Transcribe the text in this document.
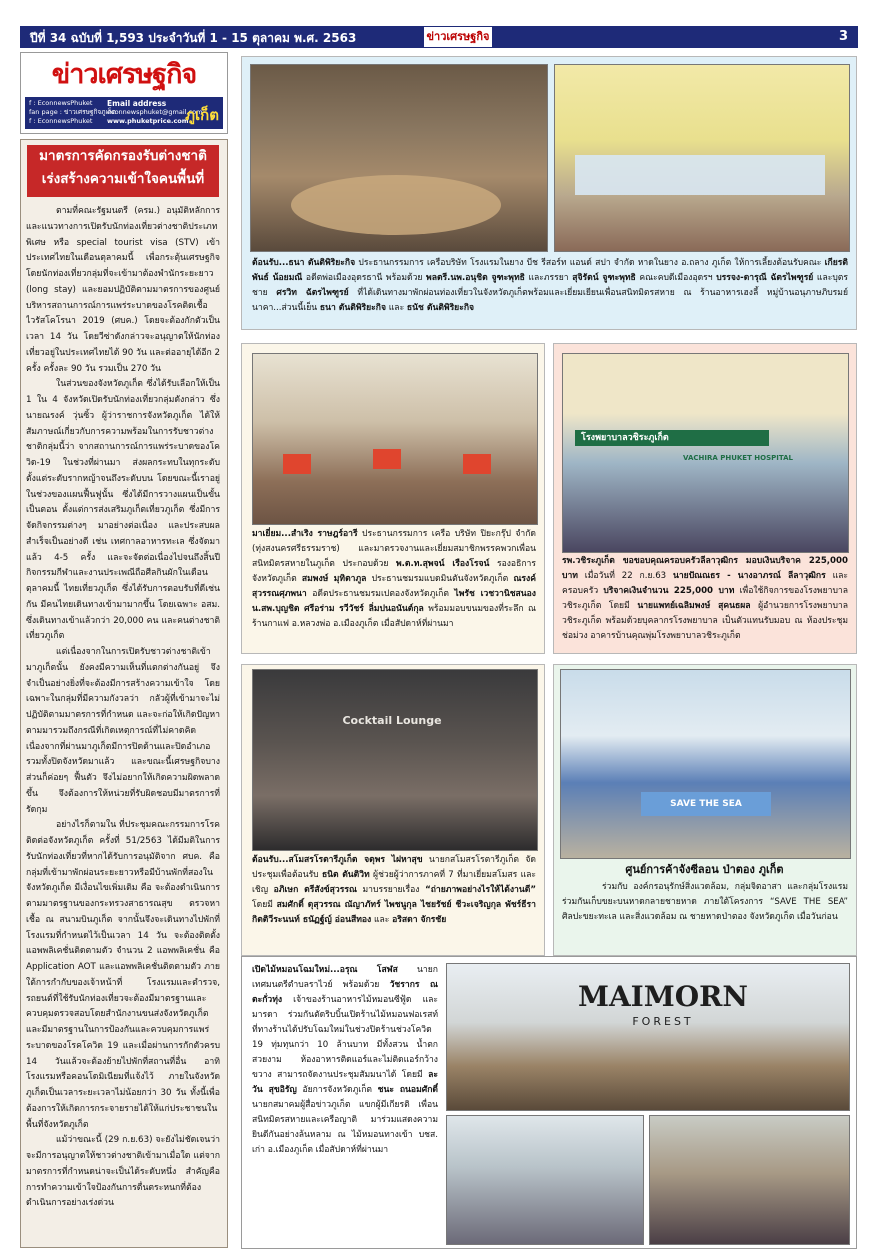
ปีที่ 34 ฉบับที่ 1,593 ประจำวันที่ 1 - 15 ตุลาคม พ.ศ. 2563	ข่าวเศรษฐกิจ	3
ข่าวเศรษฐกิจ
f : EconnewsPhuket
fan page : ข่าวเศรษฐกิจภูเก็ต
f : EconnewsPhuket
Email address
econnewsphuket@gmail.com
www.phuketprice.com
ภูเก็ต
มาตรการคัดกรองรับต่างชาติ
เร่งสร้างความเข้าใจคนพื้นที่

ตามที่คณะรัฐมนตรี (ครม.) อนุมัติหลักการและแนวทางการเปิดรับนักท่องเที่ยวต่างชาติประเภทพิเศษ หรือ special tourist visa (STV) เข้าประเทศไทยในเดือนตุลาคมนี้ เพื่อกระตุ้นเศรษฐกิจ โดยนักท่องเที่ยวกลุ่มที่จะเข้ามาต้องพำนักระยะยาว (long stay) และยอมปฏิบัติตามมาตรการของศูนย์บริหารสถานการณ์การแพร่ระบาดของโรคติดเชื้อไวรัสโคโรนา 2019 (ศบค.) โดยจะต้องกักตัวเป็นเวลา 14 วัน โดยวีซ่าดังกล่าวจะอนุญาตให้นักท่องเที่ยวอยู่ในประเทศไทยได้ 90 วัน และต่ออายุได้อีก 2 ครั้ง ครั้งละ 90 วัน รวมเป็น 270 วัน

ในส่วนของจังหวัดภูเก็ต ซึ่งได้รับเลือกให้เป็น 1 ใน 4 จังหวัดเปิดรับนักท่องเที่ยวกลุ่มดังกล่าว ซึ่งนายณรงค์ วุ่นซิ้ว ผู้ว่าราชการจังหวัดภูเก็ต ได้ให้สัมภาษณ์เกี่ยวกับการความพร้อมในการรับชาวต่างชาติกลุ่มนี้ว่า จากสถานการณ์การแพร่ระบาดของโควิด-19 ในช่วงที่ผ่านมา ส่งผลกระทบในทุกระดับตั้งแต่ระดับรากหญ้าจนถึงระดับบน โดยขณะนี้เราอยู่ในช่วงของแผนฟื้นฟูนั้น ซึ่งได้มีการวางแผนเป็นขั้นเป็นตอน ตั้งแต่การส่งเสริมภูเก็ตเที่ยวภูเก็ต ซึ่งมีการจัดกิจกรรมต่างๆ มาอย่างต่อเนื่อง และประสบผลสำเร็จเป็นอย่างดี เช่น เทศกาลอาหารทะเล ซึ่งจัดมาแล้ว 4-5 ครั้ง และจะจัดต่อเนื่องไปจนถึงสิ้นปี กิจกรรมกีฬาและงานประเพณีถือศีลกินผักในเดือนตุลาคมนี้ ไทยเที่ยวภูเก็ต ซึ่งได้รับการตอบรับที่ดีเช่นกัน มีคนไทยเดินทางเข้ามามากขึ้น โดยเฉพาะ อสม. ซึ่งเดินทางเข้าแล้วกว่า 20,000 คน และคนต่างชาติเที่ยวภูเก็ต

แต่เนื่องจากในการเปิดรับชาวต่างชาติเข้ามาภูเก็ตนั้น ยังคงมีความเห็นที่แตกต่างกันอยู่ จึงจำเป็นอย่างยิ่งที่จะต้องมีการสร้างความเข้าใจ โดยเฉพาะในกลุ่มที่มีความกังวลว่า กลัวผู้ที่เข้ามาจะไม่ปฏิบัติตามมาตรการที่กำหนด และจะก่อให้เกิดปัญหาตามมารวมถึงกรณีที่เกิดเหตุการณ์ที่ไม่คาดคิดเนื่องจากที่ผ่านมาภูเก็ตมีการปิดด้านและปิดอำเภอรวมทั้งปิดจังหวัดมาแล้ว และขณะนี้เศรษฐกิจบางส่วนก็ค่อยๆ ฟื้นตัว จึงไม่อยากให้เกิดความผิดพลาดขึ้น จึงต้องการให้หน่วยที่รับผิดชอบมีมาตรการที่รัดกุม

อย่างไรก็ตามใน ที่ประชุมคณะกรรมการโรคติดต่อจังหวัดภูเก็ต ครั้งที่ 51/2563 ได้มีมติในการรับนักท่องเที่ยวที่หากได้รับการอนุมัติจาก ศบค. คือ กลุ่มที่เข้ามาพักผ่อนระยะยาวหรือมีบ้านพักที่สองในจังหวัดภูเก็ต มีเงื่อนไขเพิ่มเติม คือ จะต้องดำเนินการตามมาตรฐานของกระทรวงสาธารณสุข ตรวจหาเชื้อ ณ สนามบินภูเก็ต จากนั้นจึงจะเดินทางไปพักที่โรงแรมที่กำหนดไว้เป็นเวลา 14 วัน จะต้องติดตั้งแอพพลิเคชั่นติดตามตัว จำนวน 2 แอพพลิเคชั่น คือ Application AOT และแอพพลิเคชั่นติดตามตัว ภายใต้การกำกับของเจ้าหน้าที่ โรงแรมและตำรวจ, รถยนต์ที่ใช้รับนักท่องเที่ยวจะต้องมีมาตรฐานและควบคุมตรวจสอบโดยสำนักงานขนส่งจังหวัดภูเก็ต และมีมาตรฐานในการป้องกันและควบคุมการแพร่ระบาดของโรคโควิด 19 และเมื่อผ่านการกักตัวครบ 14 วันแล้วจะต้องย้ายไปพักที่สถานที่อื่น อาทิ โรงแรมหรือคอนโดมิเนียมที่แจ้งไว้ ภายในจังหวัดภูเก็ตเป็นเวลาระยะเวลาไม่น้อยกว่า 30 วัน ทั้งนี้เพื่อต้องการให้เกิดการกระจายรายได้ให้แก่ประชาชนในพื้นที่จังหวัดภูเก็ต

แม้ว่าขณะนี้ (29 ก.ย.63) จะยังไม่ชัดเจนว่าจะมีการอนุญาตให้ชาวต่างชาติเข้ามาเมื่อใด แต่จากมาตรการที่กำหนดน่าจะเป็นได้ระดับหนึ่ง สำคัญคือการทำความเข้าใจป้องกันการตื่นตระหนกที่ต้องดำเนินการอย่างเร่งด่วน

ต้อนรับ...ธนา ตันติพิริยะกิจ ประธานกรรมการ เครือบริษัท โรงแรมในยาง บีช รีสอร์ท แอนด์ สปา จำกัด หาดในยาง อ.ถลาง ภูเก็ต ให้การเลี้ยงต้อนรับคณะ เกียรติพันธ์ น้อยมณี อดีตพ่อเมืองอุดรธานี พร้อมด้วย พลตรี.นพ.อนุชิต จูฑะพุทธิ และภรรยา สุจิรัตน์ จูฑะพุทธิ คณะคบดีเมืองอุดรฯ บรรจง-ดารุณี ฉัตรไพฑูรย์ และบุตรชาย ศรวิท ฉัตรไพฑูรย์ ที่ได้เดินทางมาพักผ่อนท่องเที่ยวในจังหวัดภูเก็ตพร้อมและเยี่ยมเยียนเพื่อนสนิทมิตรสหาย ณ ร้านอาหารเฮงลี้ หมู่บ้านอนุภาษภิบรมย์ นาคา...ส่วนนี้เย็น ธนา ตันติพิริยะกิจ และ ธนัช ตันติพิริยะกิจ
มาเยี่ยม...สำเริง ราษฎร์อารี ประธานกรรมการ เครือ บริษัท ปิยะกรุ๊ป จำกัด (ทุ่งสงนครศรีธรรมราช) และมาตรวจงานและเยี่ยมสมาชิกพรรคพวกเพื่อนสนิทมิตรสหายในภูเก็ต ประกอบด้วย พ.ต.ท.สุพจน์ เรืองโรจน์ รองอธิการจังหวัดภูเก็ต สมพงษ์ มุทิตาภูล ประธานชมรมแบดมินตันจังหวัดภูเก็ต ณรงค์ สุวรรณศุภพนา อดีตประธานชมรมเปตองจังหวัดภูเก็ต ไพรัช เวชวานิชสนอง น.สพ.บุญชิต ศรีอร่าม รวีวัชร์ ลิ่มปนอนันต์กุล พร้อมมอบขนมของที่ระลึก ณ ร้านกาแฟ อ.หลวงพ่อ อ.เมืองภูเก็ต เมื่อสัปดาห์ที่ผ่านมา
โรงพยาบาลวชิระภูเก็ต
VACHIRA PHUKET HOSPITAL
รพ.วชิระภูเก็ต ขอขอบคุณครอบครัวลีลาวุฒิกร มอบเงินบริจาค 225,000 บาท เมื่อวันที่ 22 ก.ย.63 นายปัณณธร - นางอาภรณ์ ลีลาวุฒิกร และครอบครัว บริจาคเงินจำนวน 225,000 บาท เพื่อใช้กิจการของโรงพยาบาลวชิระภูเก็ต โดยมี นายแพทย์เฉลิมพงษ์ สุคนธผล ผู้อำนวยการโรงพยาบาลวชิระภูเก็ต พร้อมด้วยบุคลากรโรงพยาบาล เป็นตัวแทนรับมอบ ณ ห้องประชุมช่อม่วง อาคารบ้านคุณพุ่มโรงพยาบาลวชิระภูเก็ต
Cocktail Lounge
ต้อนรับ...สโมสรโรตารีภูเก็ต จตุพร ไฝหาสุข นายกสโมสรโรตารีภูเก็ต จัดประชุมเพื่อต้อนรับ ธนิต ตันติวิท ผู้ช่วยผู้ว่าการภาคที่ 7 ที่มาเยี่ยมสโมสร และเชิญ อภิเษก ตรีสังข์สุวรรณ มาบรรยายเรื่อง “ถ่ายภาพอย่างไรให้ได้งานดี” โดยมี สมศักดิ์ ดุสุวรรณ ณัญาภัทร์ ไพชนูกุล ไชยรัชย์ ชีวะเจริญกุล พัชร์ธีรา กิตติวีระนนท์ ธนัฏฐ์ญ์ อ่อนสีทอง และ อริสดา จักรชัย
SAVE THE SEA
ศูนย์การค้าจังซีลอน ป่าตอง ภูเก็ต
ร่วมกับ องค์กรอนุรักษ์สิ่งแวดล้อม, กลุ่มจิตอาสา และกลุ่มโรงแรม ร่วมกันเก็บขยะบนหาดกลายชายหาด ภายใต้โครงการ “SAVE THE SEA” ศิลปะขยะทะเล และสิ่งแวดล้อม ณ ชายหาดป่าตอง จังหวัดภูเก็ต เมื่อวันก่อน
เปิดไม้หมอนโฉมใหม่...อรุณ โสฬส นายกเทศมนตรีตำบลราไวย์ พร้อมด้วย วัชรากร ณ ตะกั่วทุ่ง เจ้าของร้านอาหารไม้หมอนซีฟู้ด และมารดา ร่วมกันตัดริบบิ้นเปิดร้านไม้หมอนฟอเรสท์ ที่ทางร้านได้ปรับโฉมใหม่ในช่วงปิดร้านช่วงโควิด 19 ทุ่มทุนกว่า 10 ล้านบาท มีทั้งสวน น้ำตกสวยงาม ห้องอาหารติดแอร์และไม่ติดแอร์กว้างขวาง สามารถจัดงานประชุมสัมมนาได้ โดยมี ละวัน สุขอิรัญ อัยการจังหวัดภูเก็ต ชนะ ถนอมศักดิ์ นายกสมาคมผู้สื่อข่าวภูเก็ต แขกผู้มีเกียรติ เพื่อนสนิทมิตรสหายและเครือญาติ มาร่วมแสดงความยินดีกันอย่างล้นหลาม ณ ไม้หมอนทางเข้า บชส. เก่า อ.เมืองภูเก็ต เมื่อสัปดาห์ที่ผ่านมา
MAIMORN
FOREST
